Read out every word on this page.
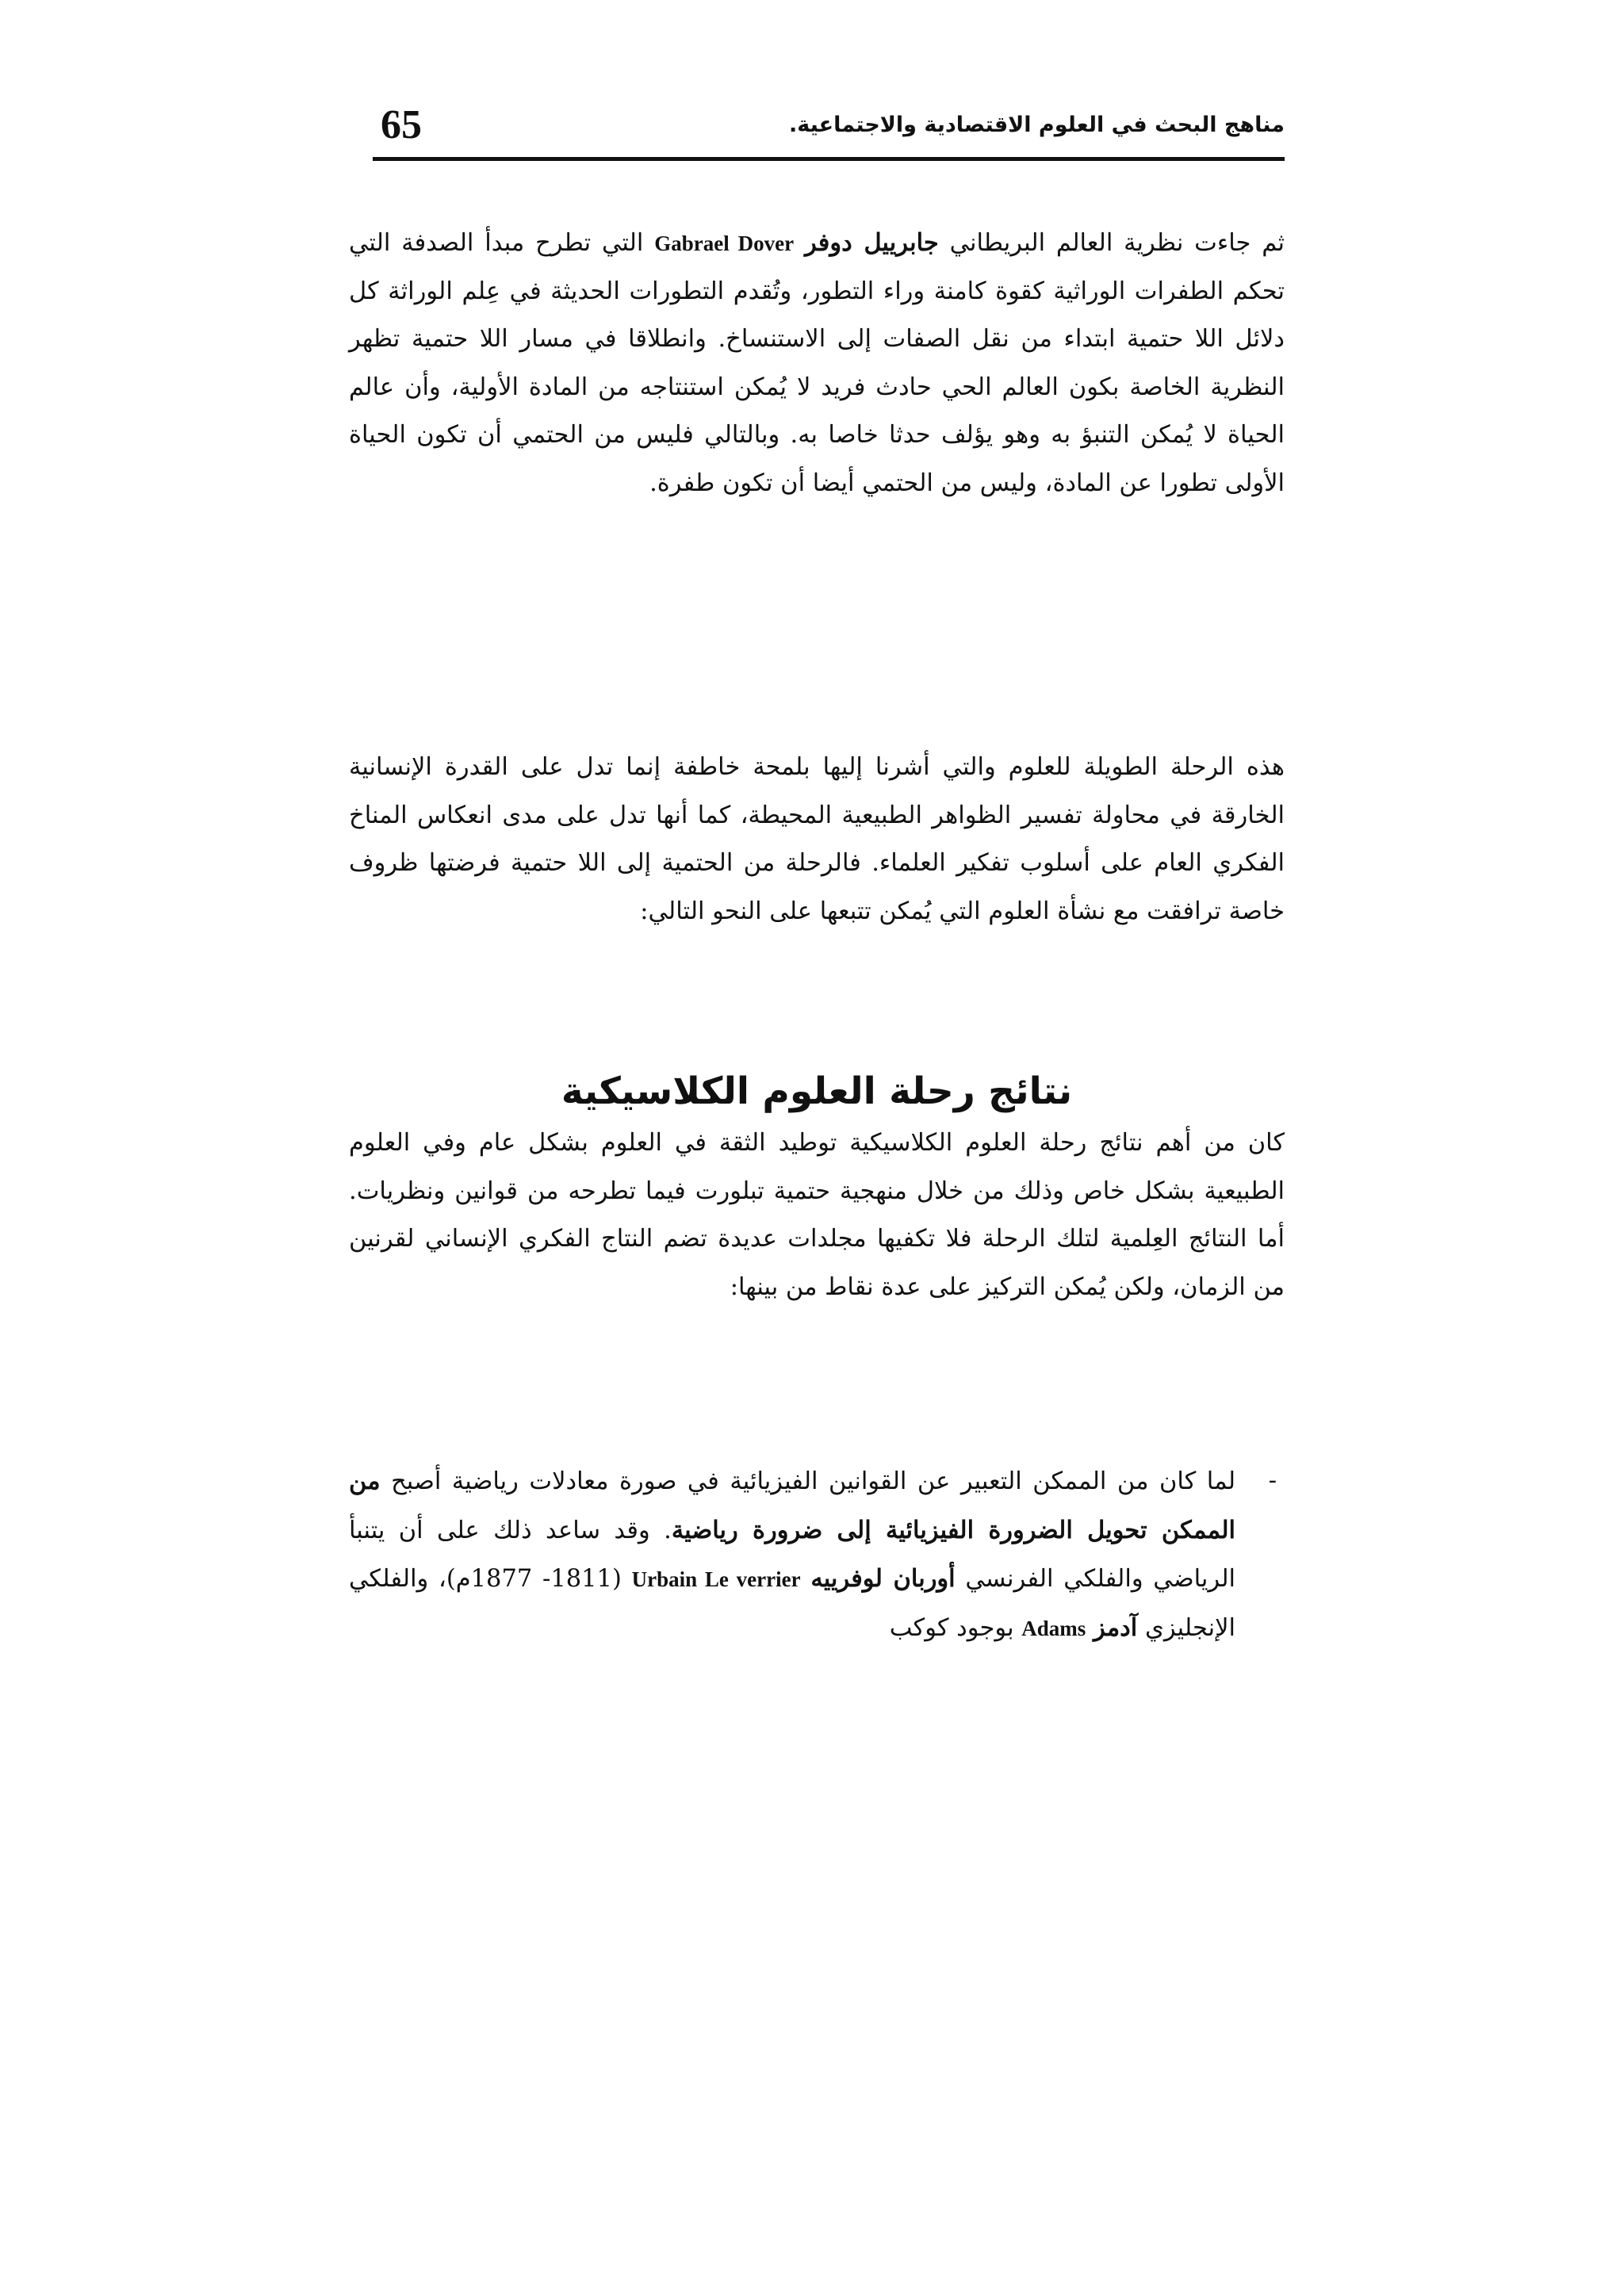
65	مناهج البحث في العلوم الاقتصادية والاجتماعية.

ثم جاءت نظرية العالم البريطاني جابرييل دوفر Gabrael Dover التي تطرح مبدأ الصدفة التي تحكم الطفرات الوراثية كقوة كامنة وراء التطور، وتُقدم التطورات الحديثة في عِلم الوراثة كل دلائل اللا حتمية ابتداء من نقل الصفات إلى الاستنساخ. وانطلاقا في مسار اللا حتمية تظهر النظرية الخاصة بكون العالم الحي حادث فريد لا يُمكن استنتاجه من المادة الأولية، وأن عالم الحياة لا يُمكن التنبؤ به وهو يؤلف حدثا خاصا به. وبالتالي فليس من الحتمي أن تكون الحياة الأولى تطورا عن المادة، وليس من الحتمي أيضا أن تكون طفرة.

هذه الرحلة الطويلة للعلوم والتي أشرنا إليها بلمحة خاطفة إنما تدل على القدرة الإنسانية الخارقة في محاولة تفسير الظواهر الطبيعية المحيطة، كما أنها تدل على مدى انعكاس المناخ الفكري العام على أسلوب تفكير العلماء. فالرحلة من الحتمية إلى اللا حتمية فرضتها ظروف خاصة ترافقت مع نشأة العلوم التي يُمكن تتبعها على النحو التالي:

نتائج رحلة العلوم الكلاسيكية

كان من أهم نتائج رحلة العلوم الكلاسيكية توطيد الثقة في العلوم بشكل عام وفي العلوم الطبيعية بشكل خاص وذلك من خلال منهجية حتمية تبلورت فيما تطرحه من قوانين ونظريات. أما النتائج العِلمية لتلك الرحلة فلا تكفيها مجلدات عديدة تضم النتاج الفكري الإنساني لقرنين من الزمان، ولكن يُمكن التركيز على عدة نقاط من بينها:

-

لما كان من الممكن التعبير عن القوانين الفيزيائية في صورة معادلات رياضية أصبح من الممكن تحويل الضرورة الفيزيائية إلى ضرورة رياضية. وقد ساعد ذلك على أن يتنبأ الرياضي والفلكي الفرنسي أوربان لوفرييه Urbain Le verrier (1811- 1877م)، والفلكي الإنجليزي آدمز Adams بوجود كوكب
